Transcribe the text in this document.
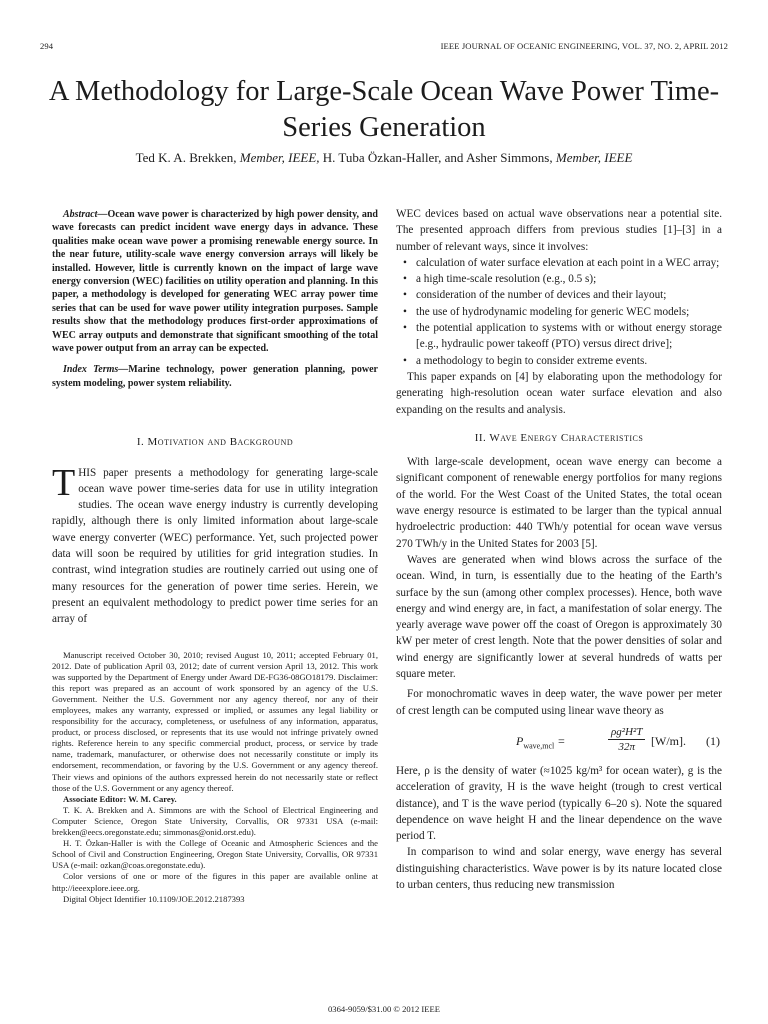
294	IEEE JOURNAL OF OCEANIC ENGINEERING, VOL. 37, NO. 2, APRIL 2012
A Methodology for Large-Scale Ocean Wave Power Time-Series Generation
Ted K. A. Brekken, Member, IEEE, H. Tuba Özkan-Haller, and Asher Simmons, Member, IEEE

Abstract—Ocean wave power is characterized by high power density, and wave forecasts can predict incident wave energy days in advance. These qualities make ocean wave power a promising renewable energy source. In the near future, utility-scale wave energy conversion arrays will likely be installed. However, little is currently known on the impact of large wave energy conversion (WEC) facilities on utility operation and planning. In this paper, a methodology is developed for generating WEC array power time series that can be used for wave power utility integration purposes. Sample results show that the methodology produces first-order approximations of WEC array outputs and demonstrate that significant smoothing of the total wave power output from an array can be expected.

Index Terms—Marine technology, power generation planning, power system modeling, power system reliability.

I. Motivation and Background

THIS paper presents a methodology for generating large-scale ocean wave power time-series data for use in utility integration studies. The ocean wave energy industry is currently developing rapidly, although there is only limited information about large-scale wave energy converter (WEC) performance. Yet, such projected power data will soon be required by utilities for grid integration studies. In contrast, wind integration studies are routinely carried out using one of many resources for the generation of power time series. Herein, we present an equivalent methodology to predict power time series for an array of

Manuscript received October 30, 2010; revised August 10, 2011; accepted February 01, 2012. Date of publication April 03, 2012; date of current version April 13, 2012. This work was supported by the Department of Energy under Award DE-FG36-08GO18179. Disclaimer: this report was prepared as an account of work sponsored by an agency of the U.S. Government. Neither the U.S. Government nor any agency thereof, nor any of their employees, makes any warranty, expressed or implied, or assumes any legal liability or responsibility for the accuracy, completeness, or usefulness of any information, apparatus, product, or process disclosed, or represents that its use would not infringe privately owned rights. Reference herein to any specific commercial product, process, or service by trade name, trademark, manufacturer, or otherwise does not necessarily constitute or imply its endorsement, recommendation, or favoring by the U.S. Government or any agency thereof. Their views and opinions of the authors expressed herein do not necessarily state or reflect those of the U.S. Government or any agency thereof.

Associate Editor: W. M. Carey.

T. K. A. Brekken and A. Simmons are with the School of Electrical Engineering and Computer Science, Oregon State University, Corvallis, OR 97331 USA (e-mail: brekken@eecs.oregonstate.edu; simmonas@onid.orst.edu).

H. T. Özkan-Haller is with the College of Oceanic and Atmospheric Sciences and the School of Civil and Construction Engineering, Oregon State University, Corvallis, OR 97331 USA (e-mail: ozkan@coas.oregonstate.edu).

Color versions of one or more of the figures in this paper are available online at http://ieeexplore.ieee.org.

Digital Object Identifier 10.1109/JOE.2012.2187393

WEC devices based on actual wave observations near a potential site. The presented approach differs from previous studies [1]–[3] in a number of relevant ways, since it involves:

• calculation of water surface elevation at each point in a WEC array;
• a high time-scale resolution (e.g., 0.5 s);
• consideration of the number of devices and their layout;
• the use of hydrodynamic modeling for generic WEC models;
• the potential application to systems with or without energy storage [e.g., hydraulic power takeoff (PTO) versus direct drive];
• a methodology to begin to consider extreme events.

This paper expands on [4] by elaborating upon the methodology for generating high-resolution ocean water surface elevation and also expanding on the results and analysis.

II. Wave Energy Characteristics

With large-scale development, ocean wave energy can become a significant component of renewable energy portfolios for many regions of the world. For the West Coast of the United States, the total ocean wave energy resource is estimated to be larger than the typical annual hydroelectric production: 440 TWh/y potential for ocean wave versus 270 TWh/y in the United States for 2003 [5].

Waves are generated when wind blows across the surface of the ocean. Wind, in turn, is essentially due to the heating of the Earth’s surface by the sun (among other complex processes). Hence, both wave energy and wind energy are, in fact, a manifestation of solar energy. The yearly average wave power off the coast of Oregon is approximately 30 kW per meter of crest length. Note that the power densities of solar and wind energy are significantly lower at several hundreds of watts per square meter.

For monochromatic waves in deep water, the wave power per meter of crest length can be computed using linear wave theory as

$P_{wave,mcl}$ =	$\frac{\text{ρg²H²T}}{32\pi} [W/m]$. (1)

Here, ρ is the density of water (≈1025 kg/m³ for ocean water), g is the acceleration of gravity, H is the wave height (trough to crest vertical distance), and T is the wave period (typically 6–20 s). Note the squared dependence on wave height H and the linear dependence on the wave period T.

In comparison to wind and solar energy, wave energy has several distinguishing characteristics. Wave power is by its nature located close to urban centers, thus reducing new transmission

0364-9059/$31.00 © 2012 IEEE
